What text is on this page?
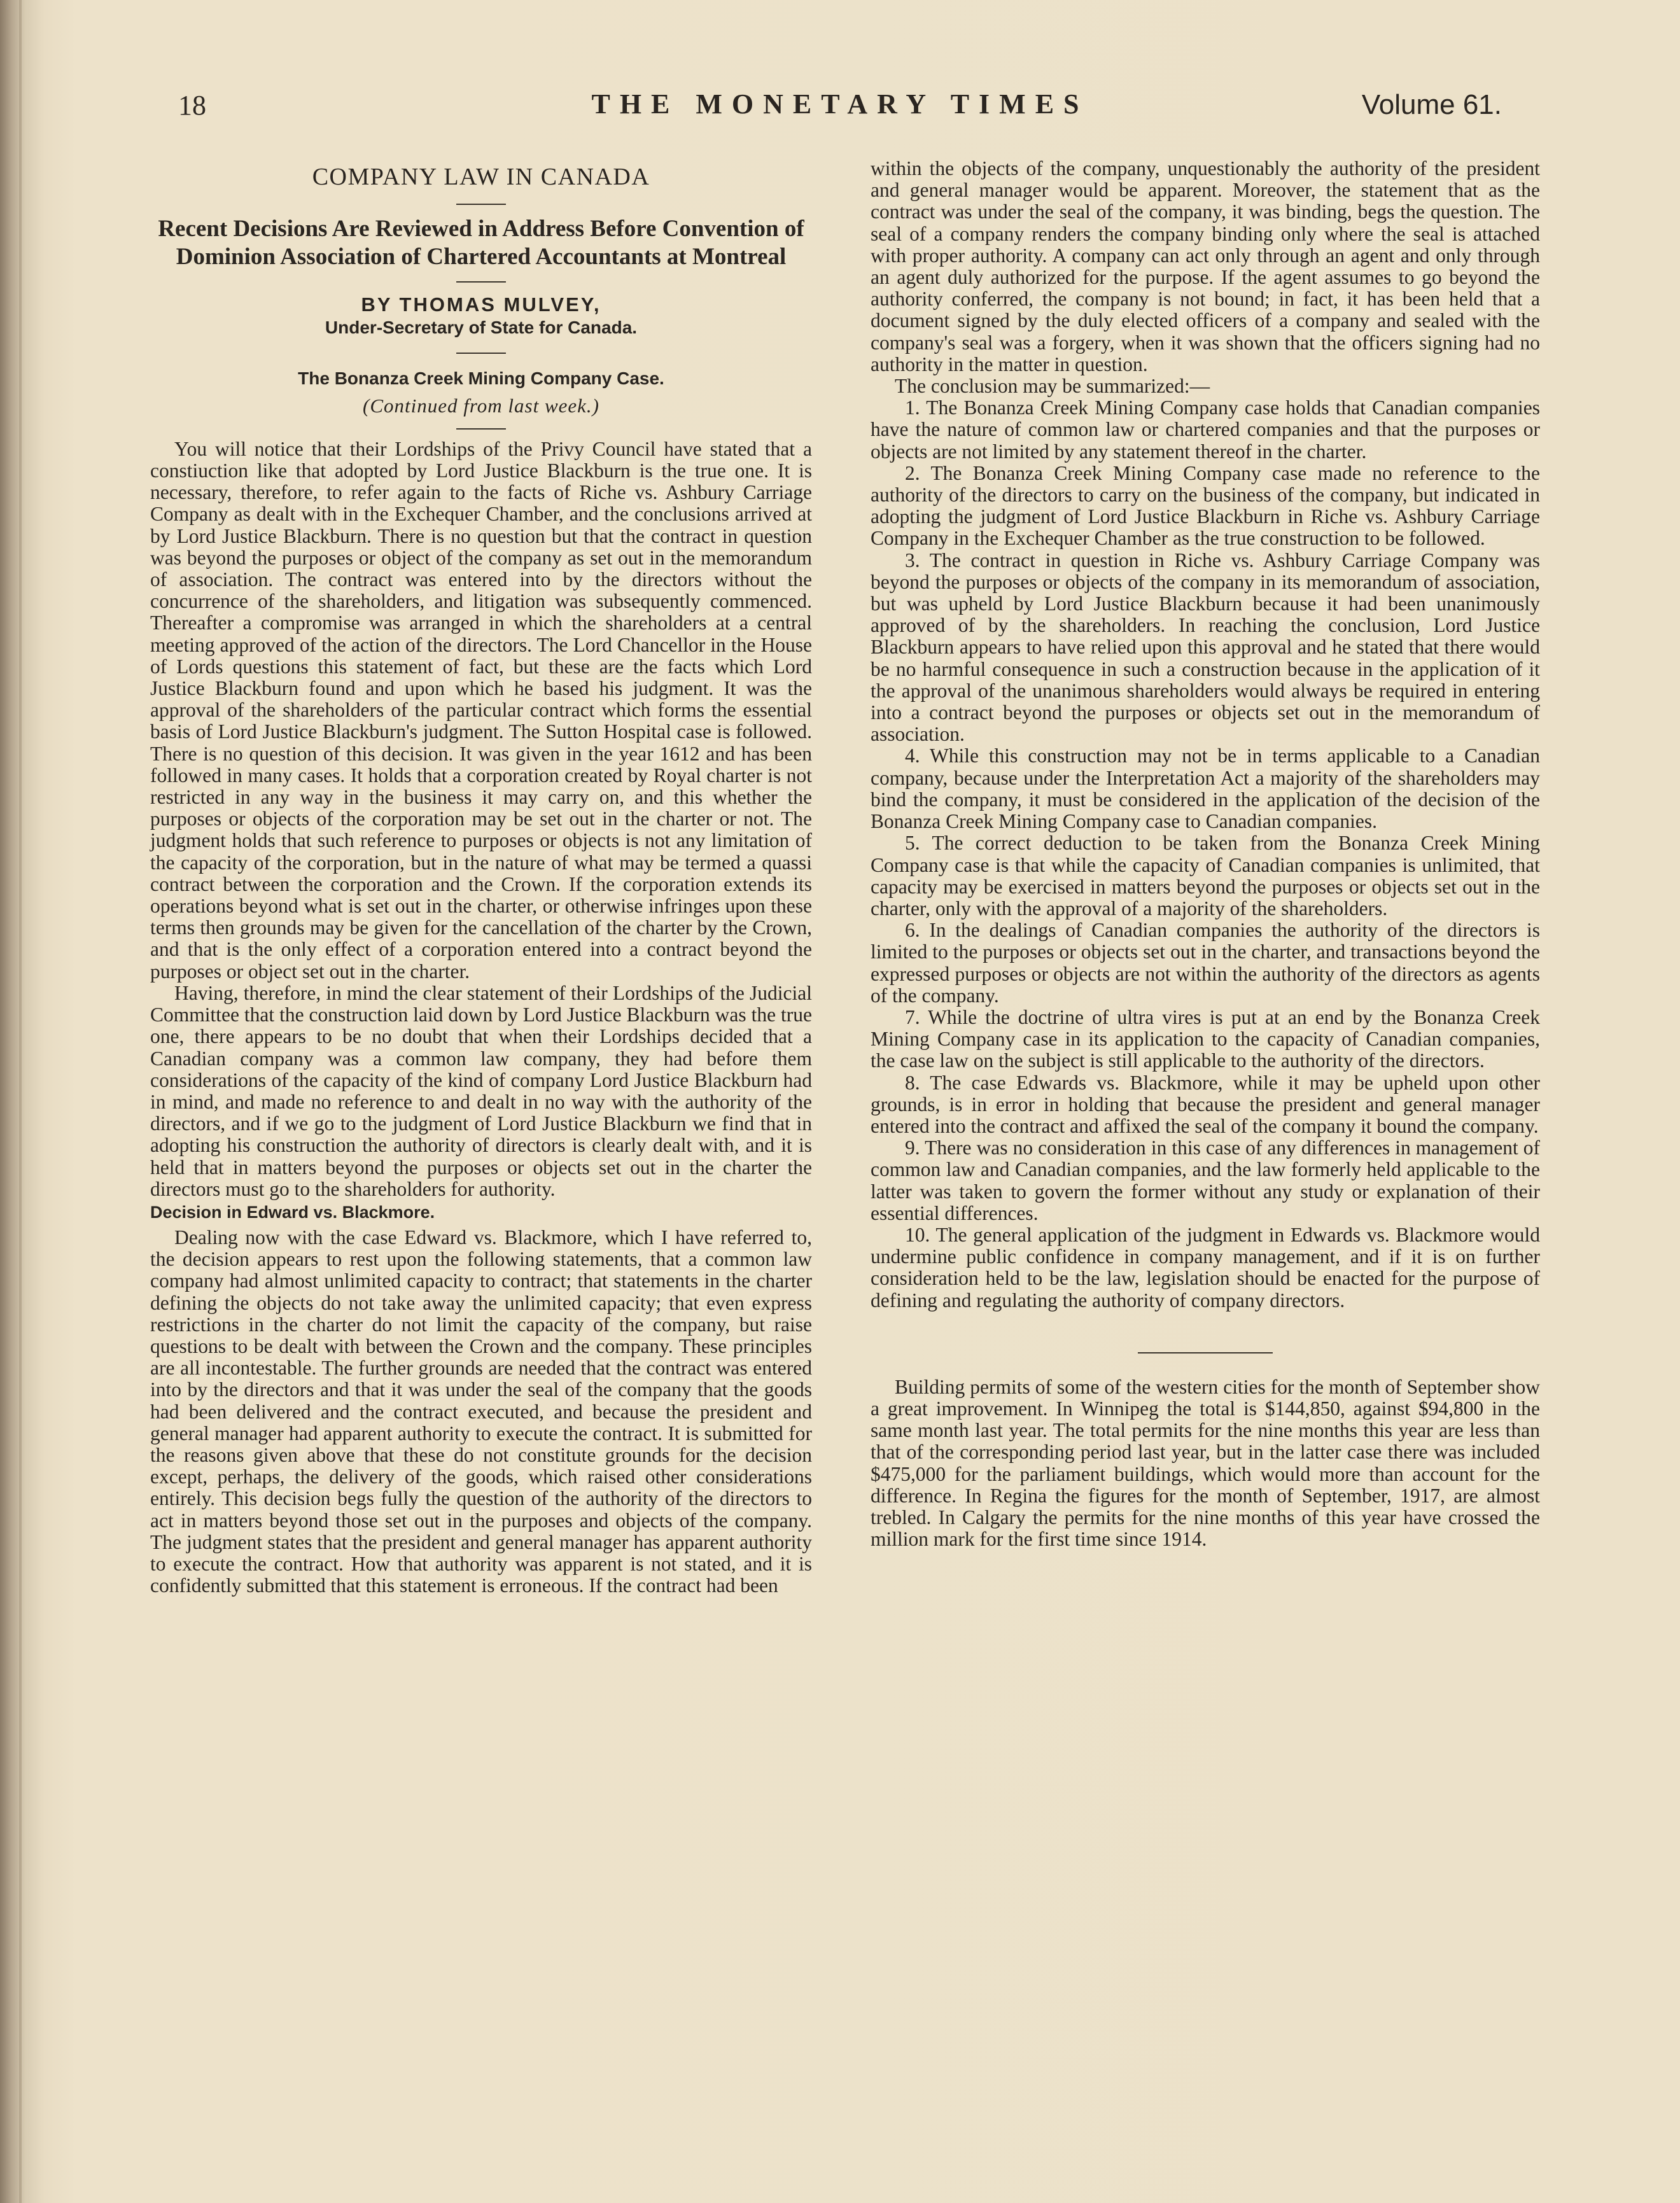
18	THE MONETARY TIMES	Volume 61.
COMPANY LAW IN CANADA
Recent Decisions Are Reviewed in Address Before Convention of Dominion Association of Chartered Accountants at Montreal
BY THOMAS MULVEY,
Under-Secretary of State for Canada.
The Bonanza Creek Mining Company Case.
(Continued from last week.)

You will notice that their Lordships of the Privy Council have stated that a constiuction like that adopted by Lord Justice Blackburn is the true one. It is necessary, therefore, to refer again to the facts of Riche vs. Ashbury Carriage Company as dealt with in the Exchequer Chamber, and the conclusions arrived at by Lord Justice Blackburn. There is no question but that the contract in question was beyond the purposes or object of the company as set out in the memorandum of association. The contract was entered into by the directors without the concurrence of the shareholders, and litigation was subsequently commenced. Thereafter a compromise was arranged in which the shareholders at a central meeting approved of the action of the directors. The Lord Chancellor in the House of Lords questions this statement of fact, but these are the facts which Lord Justice Blackburn found and upon which he based his judgment. It was the approval of the shareholders of the particular contract which forms the essential basis of Lord Justice Blackburn's judgment. The Sutton Hospital case is followed. There is no question of this decision. It was given in the year 1612 and has been followed in many cases. It holds that a corporation created by Royal charter is not restricted in any way in the business it may carry on, and this whether the purposes or objects of the corporation may be set out in the charter or not. The judgment holds that such reference to purposes or objects is not any limitation of the capacity of the corporation, but in the nature of what may be termed a quassi contract between the corporation and the Crown. If the corporation extends its operations beyond what is set out in the charter, or otherwise infringes upon these terms then grounds may be given for the cancellation of the charter by the Crown, and that is the only effect of a corporation entered into a contract beyond the purposes or object set out in the charter.

Having, therefore, in mind the clear statement of their Lordships of the Judicial Committee that the construction laid down by Lord Justice Blackburn was the true one, there appears to be no doubt that when their Lordships decided that a Canadian company was a common law company, they had before them considerations of the capacity of the kind of company Lord Justice Blackburn had in mind, and made no reference to and dealt in no way with the authority of the directors, and if we go to the judgment of Lord Justice Blackburn we find that in adopting his construction the authority of directors is clearly dealt with, and it is held that in matters beyond the purposes or objects set out in the charter the directors must go to the shareholders for authority.

Decision in Edward vs. Blackmore.

Dealing now with the case Edward vs. Blackmore, which I have referred to, the decision appears to rest upon the following statements, that a common law company had almost unlimited capacity to contract; that statements in the charter defining the objects do not take away the unlimited capacity; that even express restrictions in the charter do not limit the capacity of the company, but raise questions to be dealt with between the Crown and the company. These principles are all incontestable. The further grounds are needed that the contract was entered into by the directors and that it was under the seal of the company that the goods had been delivered and the contract executed, and because the president and general manager had apparent authority to execute the contract. It is submitted for the reasons given above that these do not constitute grounds for the decision except, perhaps, the delivery of the goods, which raised other considerations entirely. This decision begs fully the question of the authority of the directors to act in matters beyond those set out in the purposes and objects of the company. The judgment states that the president and general manager has apparent authority to execute the contract. How that authority was apparent is not stated, and it is confidently submitted that this statement is erroneous. If the contract had been

within the objects of the company, unquestionably the authority of the president and general manager would be apparent. Moreover, the statement that as the contract was under the seal of the company, it was binding, begs the question. The seal of a company renders the company binding only where the seal is attached with proper authority. A company can act only through an agent and only through an agent duly authorized for the purpose. If the agent assumes to go beyond the authority conferred, the company is not bound; in fact, it has been held that a document signed by the duly elected officers of a company and sealed with the company's seal was a forgery, when it was shown that the officers signing had no authority in the matter in question.

The conclusion may be summarized:—

1. The Bonanza Creek Mining Company case holds that Canadian companies have the nature of common law or chartered companies and that the purposes or objects are not limited by any statement thereof in the charter.

2. The Bonanza Creek Mining Company case made no reference to the authority of the directors to carry on the business of the company, but indicated in adopting the judgment of Lord Justice Blackburn in Riche vs. Ashbury Carriage Company in the Exchequer Chamber as the true construction to be followed.

3. The contract in question in Riche vs. Ashbury Carriage Company was beyond the purposes or objects of the company in its memorandum of association, but was upheld by Lord Justice Blackburn because it had been unanimously approved of by the shareholders. In reaching the conclusion, Lord Justice Blackburn appears to have relied upon this approval and he stated that there would be no harmful consequence in such a construction because in the application of it the approval of the unanimous shareholders would always be required in entering into a contract beyond the purposes or objects set out in the memorandum of association.

4. While this construction may not be in terms applicable to a Canadian company, because under the Interpretation Act a majority of the shareholders may bind the company, it must be considered in the application of the decision of the Bonanza Creek Mining Company case to Canadian companies.

5. The correct deduction to be taken from the Bonanza Creek Mining Company case is that while the capacity of Canadian companies is unlimited, that capacity may be exercised in matters beyond the purposes or objects set out in the charter, only with the approval of a majority of the shareholders.

6. In the dealings of Canadian companies the authority of the directors is limited to the purposes or objects set out in the charter, and transactions beyond the expressed purposes or objects are not within the authority of the directors as agents of the company.

7. While the doctrine of ultra vires is put at an end by the Bonanza Creek Mining Company case in its application to the capacity of Canadian companies, the case law on the subject is still applicable to the authority of the directors.

8. The case Edwards vs. Blackmore, while it may be upheld upon other grounds, is in error in holding that because the president and general manager entered into the contract and affixed the seal of the company it bound the company.

9. There was no consideration in this case of any differences in management of common law and Canadian companies, and the law formerly held applicable to the latter was taken to govern the former without any study or explanation of their essential differences.

10. The general application of the judgment in Edwards vs. Blackmore would undermine public confidence in company management, and if it is on further consideration held to be the law, legislation should be enacted for the purpose of defining and regulating the authority of company directors.

Building permits of some of the western cities for the month of September show a great improvement. In Winnipeg the total is $144,850, against $94,800 in the same month last year. The total permits for the nine months this year are less than that of the corresponding period last year, but in the latter case there was included $475,000 for the parliament buildings, which would more than account for the difference. In Regina the figures for the month of September, 1917, are almost trebled. In Calgary the permits for the nine months of this year have crossed the million mark for the first time since 1914.
